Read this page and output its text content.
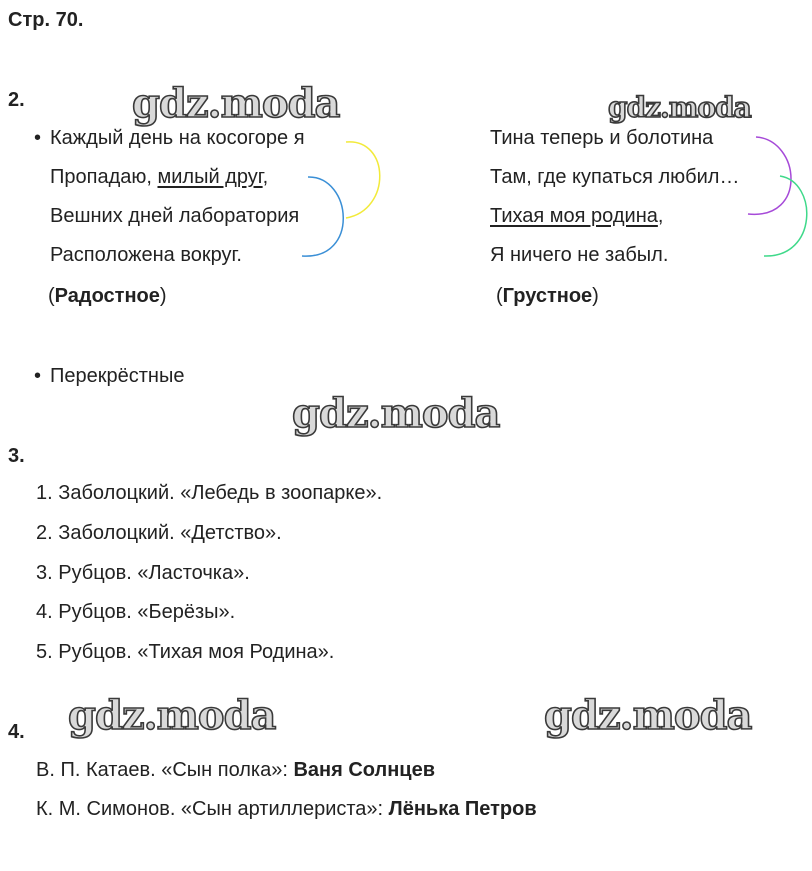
Стр. 70.
gdz.moda	gdz.moda
gdz.moda
gdz.moda	gdz.moda
2.
• Каждый день на косогоре я
Пропадаю, милый друг,
Вешних дней лаборатория
Расположена вокруг.
(Радостное)
Тина теперь и болотина
Там, где купаться любил…
Тихая моя родина,
Я ничего не забыл.
(Грустное)
• Перекрёстные
3.
1. Заболоцкий. «Лебедь в зоопарке».
2. Заболоцкий. «Детство».
3. Рубцов. «Ласточка».
4. Рубцов. «Берёзы».
5. Рубцов. «Тихая моя Родина».
4.
В. П. Катаев. «Сын полка»: Ваня Солнцев
К. М. Симонов. «Сын артиллериста»: Лёнька Петров
